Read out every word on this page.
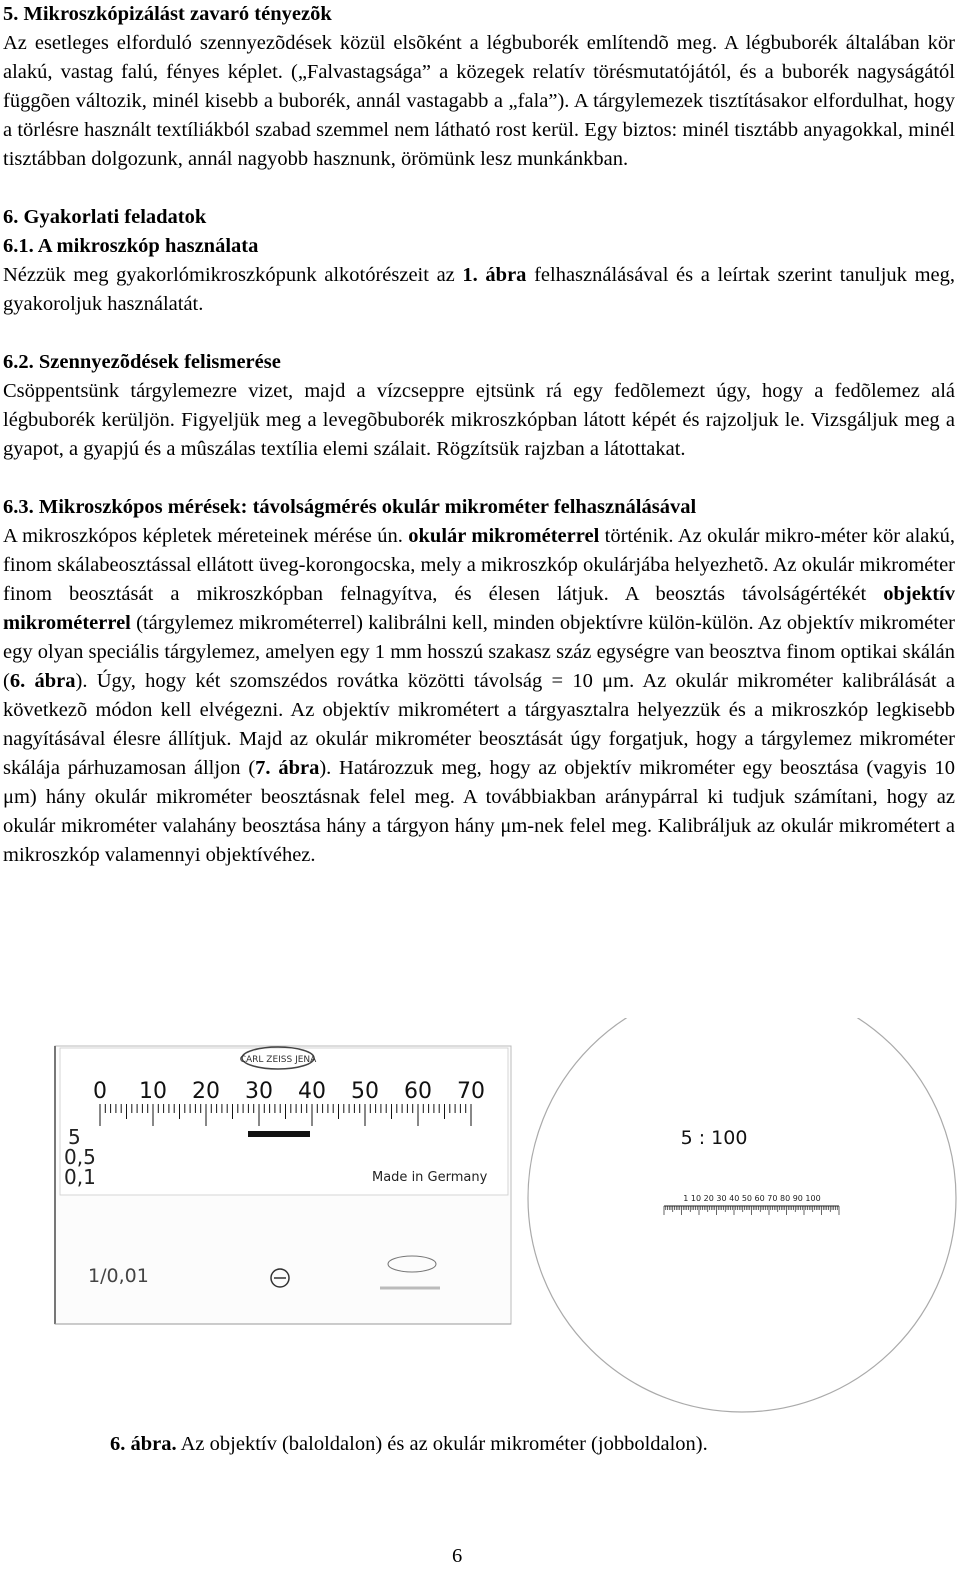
5. Mikroszkópizálást zavaró tényezõk
Az esetleges elforduló szennyezõdések közül elsõként a légbuborék említendõ meg. A légbuborék általában kör alakú, vastag falú, fényes képlet. („Falvastagsága” a közegek relatív törésmutatójától, és a buborék nagyságától függõen változik, minél kisebb a buborék, annál vastagabb a „fala”). A tárgylemezek tisztításakor elfordulhat, hogy a törlésre használt textíliákból szabad szemmel nem látható rost kerül. Egy biztos: minél tisztább anyagokkal, minél tisztábban dolgozunk, annál nagyobb hasznunk, örömünk lesz munkánkban.
6. Gyakorlati feladatok
6.1. A mikroszkóp használata
Nézzük meg gyakorlómikroszkópunk alkotórészeit az 1. ábra felhasználásával és a leírtak szerint tanuljuk meg, gyakoroljuk használatát.
6.2. Szennyezõdések felismerése
Csöppentsünk tárgylemezre vizet, majd a vízcseppre ejtsünk rá egy fedõlemezt úgy, hogy a fedõlemez alá légbuborék kerüljön. Figyeljük meg a levegõbuborék mikroszkópban látott képét és rajzoljuk le. Vizsgáljuk meg a gyapot, a gyapjú és a mûszálas textília elemi szálait. Rögzítsük rajzban a látottakat.
6.3. Mikroszkópos mérések: távolságmérés okulár mikrométer felhasználásával
A mikroszkópos képletek méreteinek mérése ún. okulár mikrométerrel történik. Az okulár mikro-méter kör alakú, finom skálabeosztással ellátott üveg-korongocska, mely a mikroszkóp okulárjába helyezhetõ. Az okulár mikrométer finom beosztását a mikroszkópban felnagyítva, és élesen látjuk. A beosztás távolságértékét objektív mikrométerrel (tárgylemez mikrométerrel) kalibrálni kell, minden objektívre külön-külön. Az objektív mikrométer egy olyan speciális tárgylemez, amelyen egy 1 mm hosszú szakasz száz egységre van beosztva finom optikai skálán (6. ábra). Úgy, hogy két szomszédos rovátka közötti távolság = 10 μm. Az okulár mikrométer kalibrálását a következõ módon kell elvégezni. Az objektív mikrométert a tárgyasztalra helyezzük és a mikroszkóp legkisebb nagyításával élesre állítjuk. Majd az okulár mikrométer beosztását úgy forgatjuk, hogy a tárgylemez mikrométer skálája párhuzamosan álljon (7. ábra). Határozzuk meg, hogy az objektív mikrométer egy beosztása (vagyis 10 μm) hány okulár mikrométer beosztásnak felel meg. A továbbiakban aránypárral ki tudjuk számítani, hogy az okulár mikrométer valahány beosztása hány a tárgyon hány μm-nek felel meg. Kalibráljuk az okulár mikrométert a mikroszkóp valamennyi objektívéhez.
CARL ZEISS JENA
0 10 20 30 40 50 60 70
5
0,5
0,1	Made in Germany
1/0,01
5 : 100
1 10 20 30 40 50 60 70 80 90 100
6. ábra. Az objektív (baloldalon) és az okulár mikrométer (jobboldalon).
6
